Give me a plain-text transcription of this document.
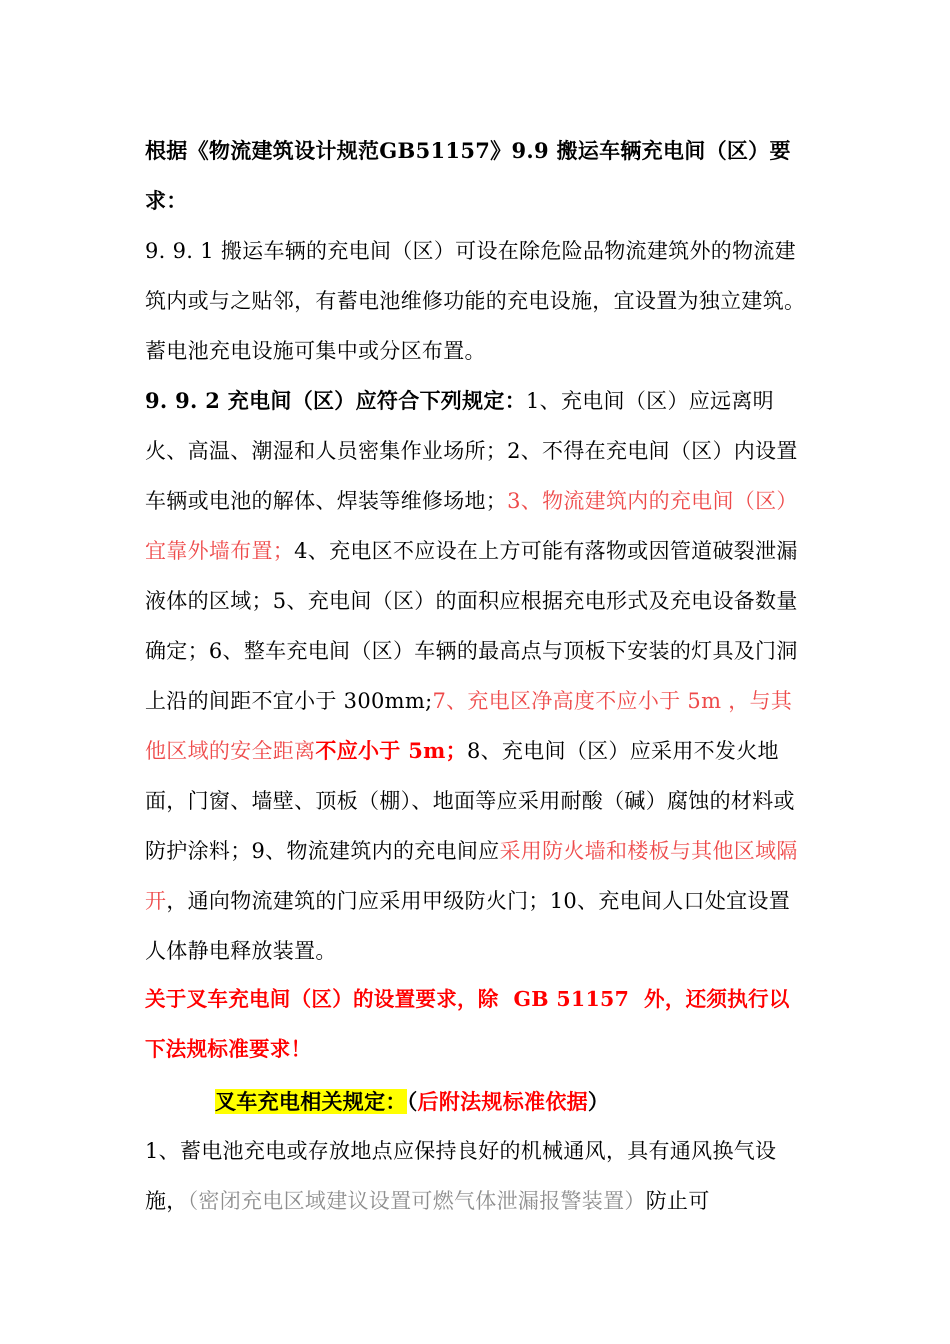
根据《物流建筑设计规范GB51157》9.9 搬运车辆充电间（区）要求：
9. 9. 1 搬运车辆的充电间（区）可设在除危险品物流建筑外的物流建筑内或与之贴邻，有蓄电池维修功能的充电设施，宜设置为独立建筑。蓄电池充电设施可集中或分区布置。
9. 9. 2 充电间（区）应符合下列规定：1、充电间（区）应远离明火、高温、潮湿和人员密集作业场所；2、不得在充电间（区）内设置车辆或电池的解体、焊装等维修场地；3、物流建筑内的充电间（区）宜靠外墙布置；4、充电区不应设在上方可能有落物或因管道破裂泄漏液体的区域；5、充电间（区）的面积应根据充电形式及充电设备数量确定；6、整车充电间（区）车辆的最高点与顶板下安装的灯具及门洞上沿的间距不宜小于 300mm;7、充电区净高度不应小于 5m ，与其他区域的安全距离不应小于 5m；8、充电间（区）应采用不发火地面，门窗、墙壁、顶板（棚）、地面等应采用耐酸（碱）腐蚀的材料或防护涂料；9、物流建筑内的充电间应采用防火墙和楼板与其他区域隔开，通向物流建筑的门应采用甲级防火门；10、充电间人口处宜设置人体静电释放装置。
关于叉车充电间（区）的设置要求，除  GB 51157  外，还须执行以下法规标准要求！
叉车充电相关规定：（后附法规标准依据）
1、蓄电池充电或存放地点应保持良好的机械通风，具有通风换气设施，（密闭充电区域建议设置可燃气体泄漏报警装置）防止可
